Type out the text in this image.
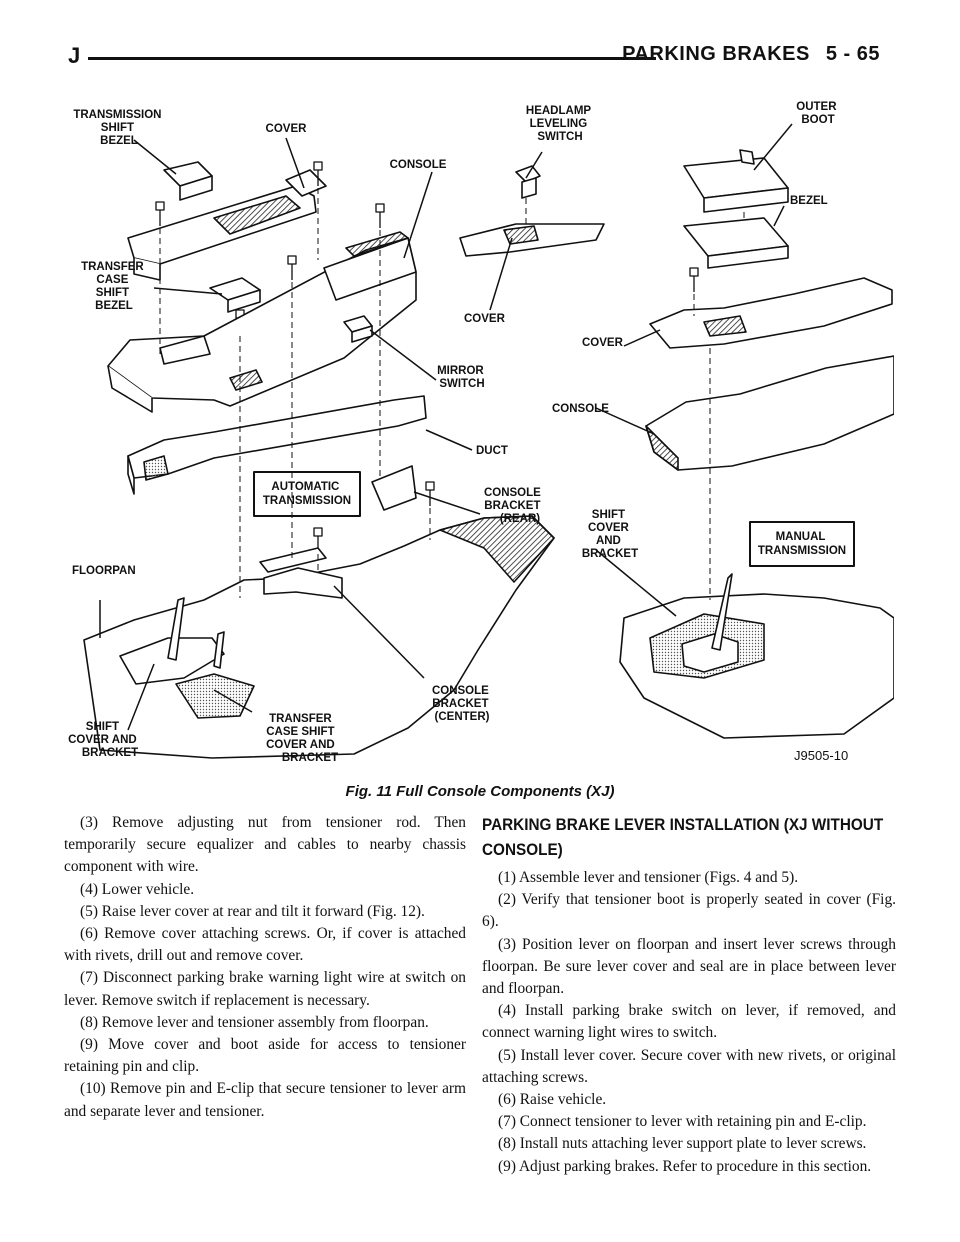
J	PARKING BRAKES 5 - 65
TRANSMISSION SHIFT BEZEL
COVER
CONSOLE
HEADLAMP LEVELING SWITCH
OUTER BOOT
BEZEL
TRANSFER CASE SHIFT BEZEL
COVER
COVER
MIRROR SWITCH
CONSOLE
DUCT
CONSOLE BRACKET (REAR)	SHIFT COVER AND BRACKET
FLOORPAN
SHIFT COVER AND BRACKET
TRANSFER CASE SHIFT COVER AND BRACKET
CONSOLE BRACKET (CENTER)
AUTOMATIC TRANSMISSION
MANUAL TRANSMISSION
J9505-10
Fig. 11 Full Console Components (XJ)

(3) Remove adjusting nut from tensioner rod. Then temporarily secure equalizer and cables to nearby chassis component with wire.

(4) Lower vehicle.

(5) Raise lever cover at rear and tilt it forward (Fig. 12).

(6) Remove cover attaching screws. Or, if cover is attached with rivets, drill out and remove cover.

(7) Disconnect parking brake warning light wire at switch on lever. Remove switch if replacement is necessary.

(8) Remove lever and tensioner assembly from floorpan.

(9) Move cover and boot aside for access to tensioner retaining pin and clip.

(10) Remove pin and E-clip that secure tensioner to lever arm and separate lever and tensioner.

PARKING BRAKE LEVER INSTALLATION (XJ WITHOUT CONSOLE)

(1) Assemble lever and tensioner (Figs. 4 and 5).

(2) Verify that tensioner boot is properly seated in cover (Fig. 6).

(3) Position lever on floorpan and insert lever screws through floorpan. Be sure lever cover and seal are in place between lever and floorpan.

(4) Install parking brake switch on lever, if removed, and connect warning light wires to switch.

(5) Install lever cover. Secure cover with new rivets, or original attaching screws.

(6) Raise vehicle.

(7) Connect tensioner to lever with retaining pin and E-clip.

(8) Install nuts attaching lever support plate to lever screws.

(9) Adjust parking brakes. Refer to procedure in this section.
